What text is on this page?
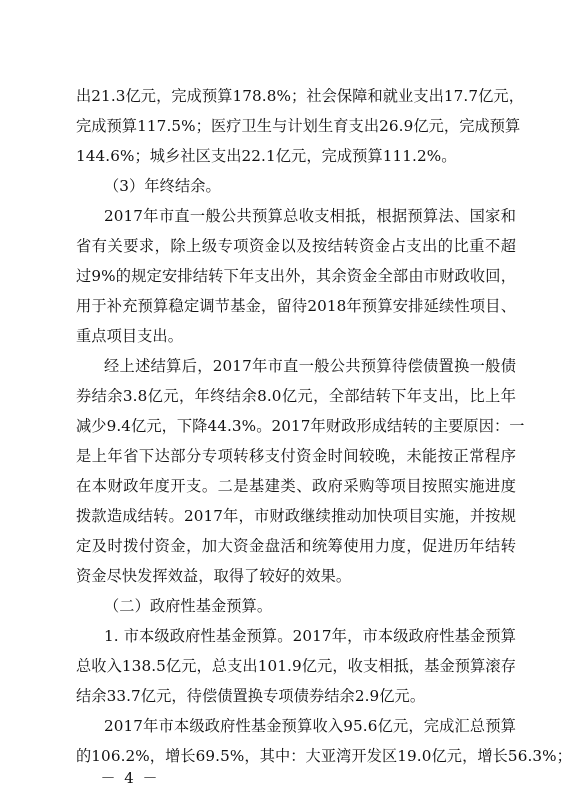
出21.3亿元，完成预算178.8%；社会保障和就业支出17.7亿元，
完成预算117.5%；医疗卫生与计划生育支出26.9亿元，完成预算
144.6%；城乡社区支出22.1亿元，完成预算111.2%。
（3）年终结余。
2017年市直一般公共预算总收支相抵，根据预算法、国家和
省有关要求，除上级专项资金以及按结转资金占支出的比重不超
过9%的规定安排结转下年支出外，其余资金全部由市财政收回，
用于补充预算稳定调节基金，留待2018年预算安排延续性项目、
重点项目支出。
经上述结算后，2017年市直一般公共预算待偿债置换一般债
券结余3.8亿元，年终结余8.0亿元，全部结转下年支出，比上年
减少9.4亿元，下降44.3%。2017年财政形成结转的主要原因：一
是上年省下达部分专项转移支付资金时间较晚，未能按正常程序
在本财政年度开支。二是基建类、政府采购等项目按照实施进度
拨款造成结转。2017年，市财政继续推动加快项目实施，并按规
定及时拨付资金，加大资金盘活和统筹使用力度，促进历年结转
资金尽快发挥效益，取得了较好的效果。
（二）政府性基金预算。
1. 市本级政府性基金预算。2017年，市本级政府性基金预算
总收入138.5亿元，总支出101.9亿元，收支相抵，基金预算滚存
结余33.7亿元，待偿债置换专项债券结余2.9亿元。
2017年市本级政府性基金预算收入95.6亿元，完成汇总预算
的106.2%，增长69.5%，其中：大亚湾开发区19.0亿元，增长56.3%；
－ 4 －
